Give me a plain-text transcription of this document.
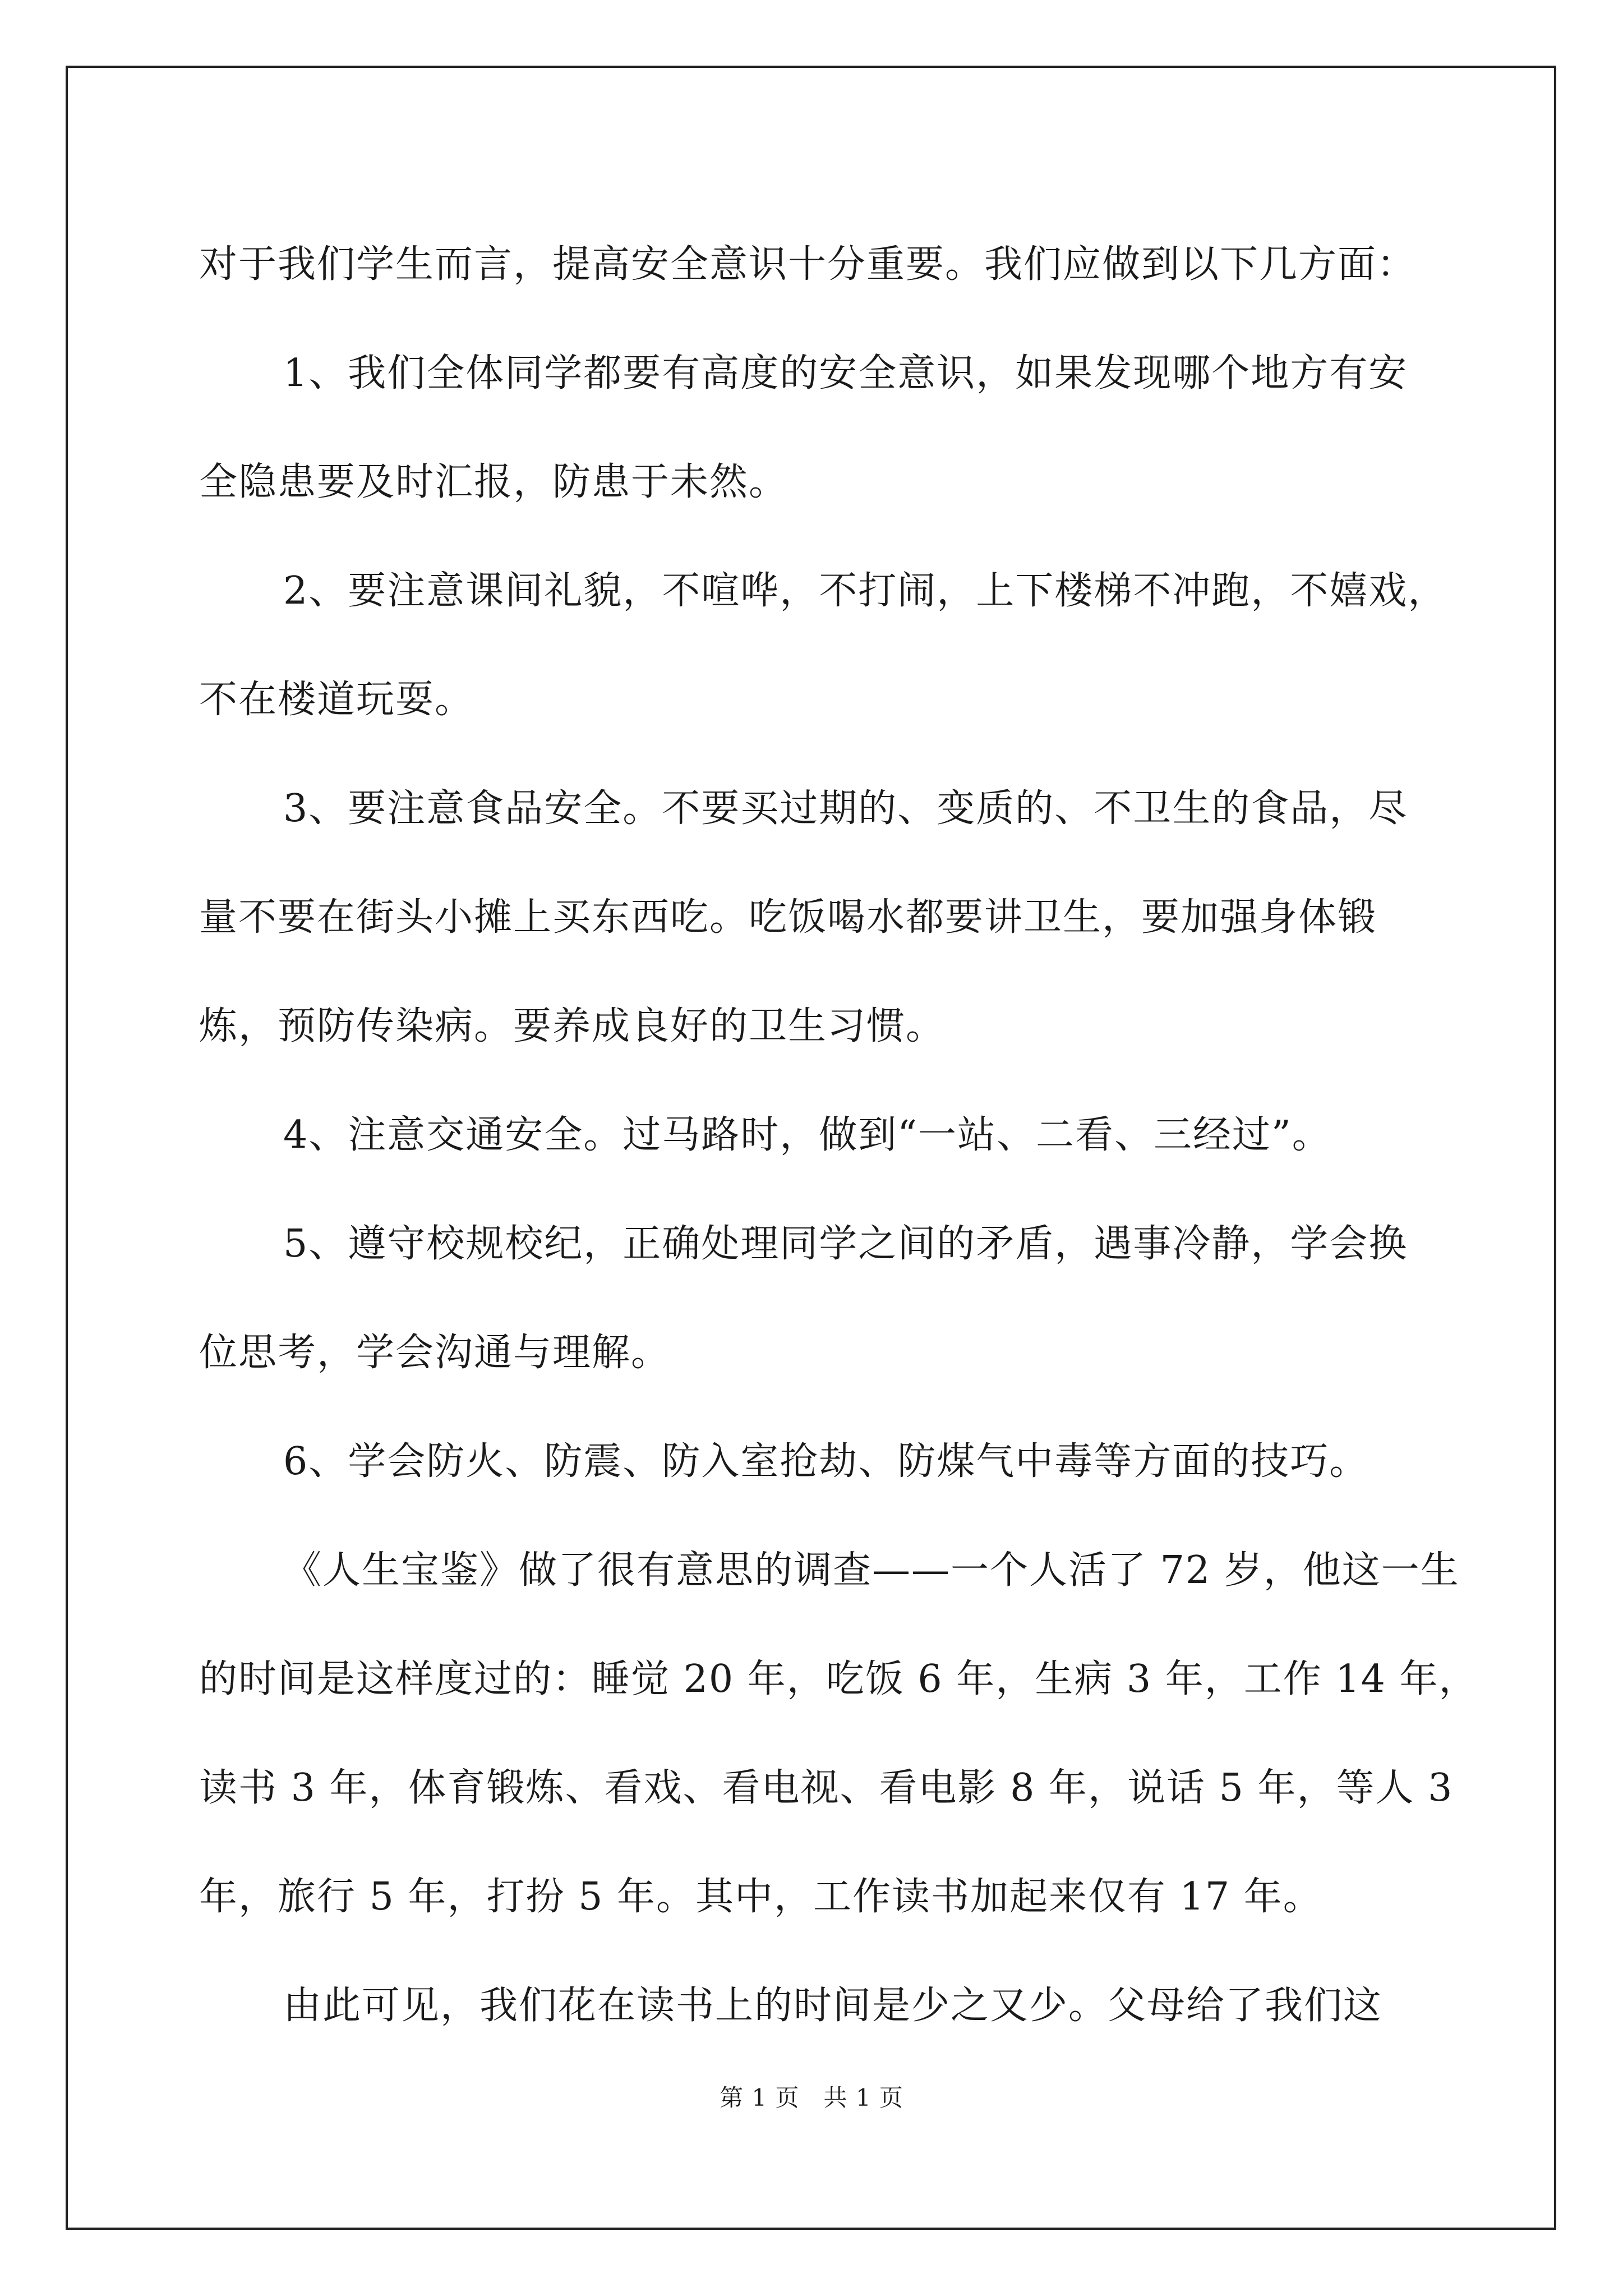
对于我们学生而言，提高安全意识十分重要。我们应做到以下几方面：
1、我们全体同学都要有高度的安全意识，如果发现哪个地方有安
全隐患要及时汇报，防患于未然。
2、要注意课间礼貌，不喧哗，不打闹，上下楼梯不冲跑，不嬉戏，
不在楼道玩耍。
3、要注意食品安全。不要买过期的、变质的、不卫生的食品，尽
量不要在街头小摊上买东西吃。吃饭喝水都要讲卫生，要加强身体锻
炼，预防传染病。要养成良好的卫生习惯。
4、注意交通安全。过马路时，做到“一站、二看、三经过”。
5、遵守校规校纪，正确处理同学之间的矛盾，遇事冷静，学会换
位思考，学会沟通与理解。
6、学会防火、防震、防入室抢劫、防煤气中毒等方面的技巧。
《人生宝鉴》做了很有意思的调查——一个人活了 72 岁，他这一生
的时间是这样度过的：睡觉 20 年，吃饭 6 年，生病 3 年，工作 14 年，
读书 3 年，体育锻炼、看戏、看电视、看电影 8 年，说话 5 年，等人 3
年，旅行 5 年，打扮 5 年。其中，工作读书加起来仅有 17 年。
由此可见，我们花在读书上的时间是少之又少。父母给了我们这
第 1 页　共 1 页
